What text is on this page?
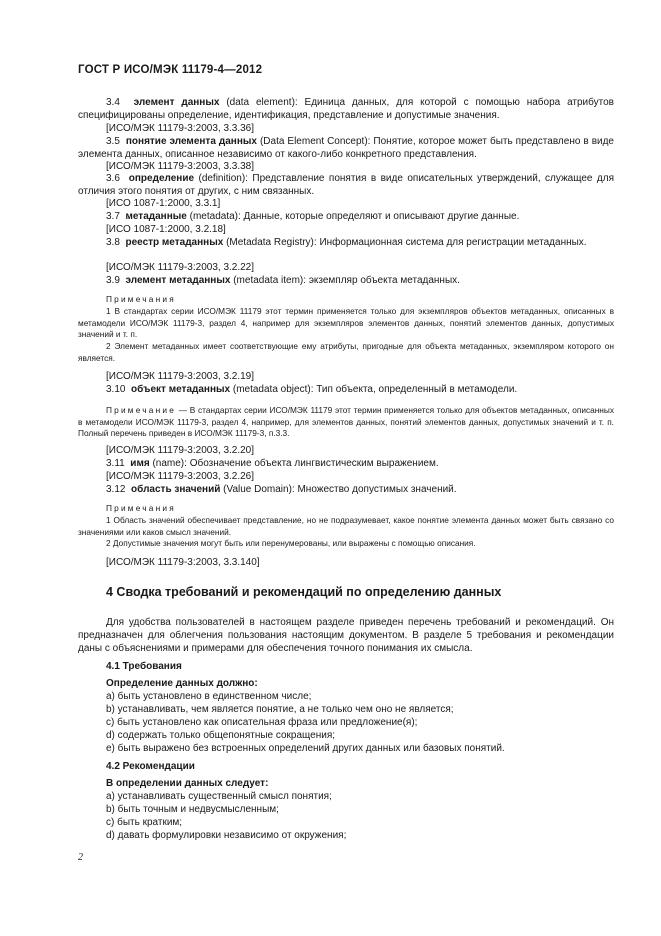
ГОСТ Р ИСО/МЭК 11179-4—2012
3.4 элемент данных (data element): Единица данных, для которой с помощью набора атрибутов специфицированы определение, идентификация, представление и допустимые значения.
[ИСО/МЭК 11179-3:2003, 3.3.36]
3.5 понятие элемента данных (Data Element Concept): Понятие, которое может быть представлено в виде элемента данных, описанное независимо от какого-либо конкретного представления.
[ИСО/МЭК 11179-3:2003, 3.3.38]
3.6 определение (definition): Представление понятия в виде описательных утверждений, служащее для отличия этого понятия от других, с ним связанных.
[ИСО 1087-1:2000, 3.3.1]
3.7 метаданные (metadata): Данные, которые определяют и описывают другие данные.
[ИСО 1087-1:2000, 3.2.18]
3.8 реестр метаданных (Metadata Registry): Информационная система для регистрации метаданных.
[ИСО/МЭК 11179-3:2003, 3.2.22]
3.9 элемент метаданных (metadata item): экземпляр объекта метаданных.
Примечания
1 В стандартах серии ИСО/МЭК 11179 этот термин применяется только для экземпляров объектов метаданных, описанных в метамодели ИСО/МЭК 11179-3, раздел 4, например для экземпляров элементов данных, понятий элементов данных, допустимых значений и т. п.
2 Элемент метаданных имеет соответствующие ему атрибуты, пригодные для объекта метаданных, экземпляром которого он является.
[ИСО/МЭК 11179-3:2003, 3.2.19]
3.10 объект метаданных (metadata object): Тип объекта, определенный в метамодели.
Примечание — В стандартах серии ИСО/МЭК 11179 этот термин применяется только для объектов метаданных, описанных в метамодели ИСО/МЭК 11179-3, раздел 4, например, для элементов данных, понятий элементов данных, допустимых значений и т. п. Полный перечень приведен в ИСО/МЭК 11179-3, п.3.3.
[ИСО/МЭК 11179-3:2003, 3.2.20]
3.11 имя (name): Обозначение объекта лингвистическим выражением.
[ИСО/МЭК 11179-3:2003, 3.2.26]
3.12 область значений (Value Domain): Множество допустимых значений.
Примечания
1 Область значений обеспечивает представление, но не подразумевает, какое понятие элемента данных может быть связано со значениями или каков смысл значений.
2 Допустимые значения могут быть или перенумерованы, или выражены с помощью описания.
[ИСО/МЭК 11179-3:2003, 3.3.140]
4 Сводка требований и рекомендаций по определению данных
Для удобства пользователей в настоящем разделе приведен перечень требований и рекомендаций. Он предназначен для облегчения пользования настоящим документом. В разделе 5 требования и рекомендации даны с объяснениями и примерами для обеспечения точного понимания их смысла.
4.1 Требования
Определение данных должно:
a) быть установлено в единственном числе;
b) устанавливать, чем является понятие, а не только чем оно не является;
c) быть установлено как описательная фраза или предложение(я);
d) содержать только общепонятные сокращения;
e) быть выражено без встроенных определений других данных или базовых понятий.
4.2 Рекомендации
В определении данных следует:
a) устанавливать существенный смысл понятия;
b) быть точным и недвусмысленным;
c) быть кратким;
d) давать формулировки независимо от окружения;
2
